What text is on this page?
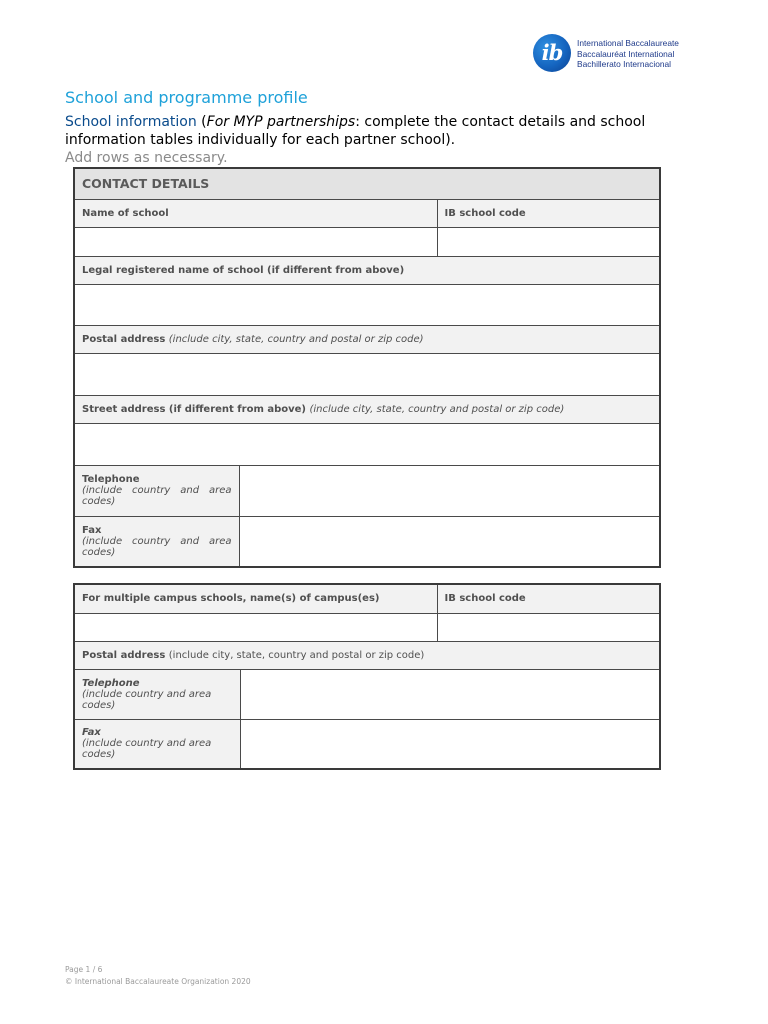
ib	International Baccalaureate
Baccalauréat International
Bachillerato Internacional
School and programme profile
School information (For MYP partnerships: complete the contact details and school information tables individually for each partner school).
Add rows as necessary.
CONTACT DETAILS		
Name of school		IB school code

Legal registered name of school (if different from above)		

Postal address (include city, state, country and postal or zip code)		

Street address (if different from above) (include city, state, country and postal or zip code)		

Telephone
(include country and area codes)		

Fax
(include country and area codes)		

For multiple campus schools, name(s) of campus(es)		IB school code

Postal address (include city, state, country and postal or zip code)		

Telephone
(include country and area codes)		

Fax
(include country and area codes)		

Page 1 / 6
© International Baccalaureate Organization 2020
